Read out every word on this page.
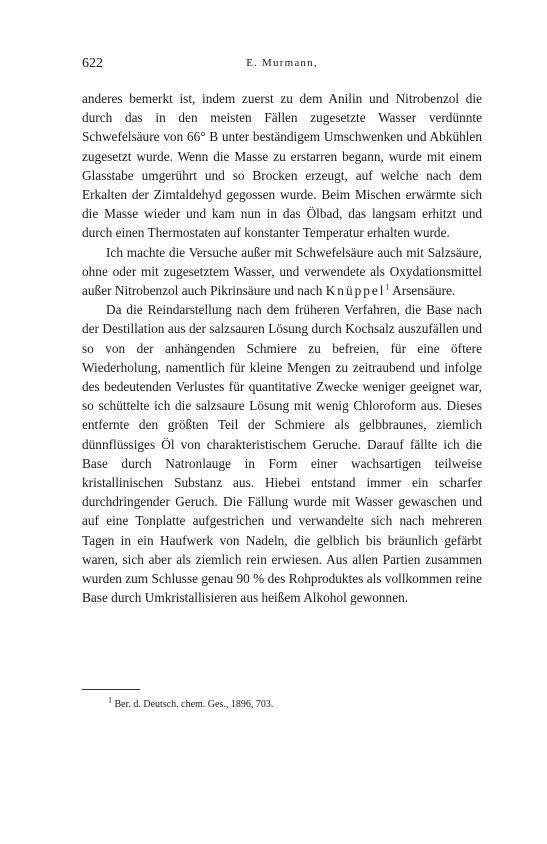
622	E. Murmann,

anderes bemerkt ist, indem zuerst zu dem Anilin und Nitrobenzol die durch das in den meisten Fällen zugesetzte Wasser verdünnte Schwefelsäure von 66° B unter beständigem Umschwenken und Abkühlen zugesetzt wurde. Wenn die Masse zu erstarren begann, wurde mit einem Glasstabe umgerührt und so Brocken erzeugt, auf welche nach dem Erkalten der Zimtaldehyd gegossen wurde. Beim Mischen erwärmte sich die Masse wieder und kam nun in das Ölbad, das langsam erhitzt und durch einen Thermostaten auf konstanter Temperatur erhalten wurde.

Ich machte die Versuche außer mit Schwefelsäure auch mit Salzsäure, ohne oder mit zugesetztem Wasser, und verwendete als Oxydationsmittel außer Nitrobenzol auch Pikrinsäure und nach Knüppel$^1$ Arsensäure.

Da die Reindarstellung nach dem früheren Verfahren, die Base nach der Destillation aus der salzsauren Lösung durch Kochsalz auszufällen und so von der anhängenden Schmiere zu befreien, für eine öftere Wiederholung, namentlich für kleine Mengen zu zeitraubend und infolge des bedeutenden Verlustes für quantitative Zwecke weniger geeignet war, so schüttelte ich die salzsaure Lösung mit wenig Chloroform aus. Dieses entfernte den größten Teil der Schmiere als gelbbraunes, ziemlich dünnflüssiges Öl von charakteristischem Geruche. Darauf fällte ich die Base durch Natronlauge in Form einer wachsartigen teilweise kristallinischen Substanz aus. Hiebei entstand immer ein scharfer durchdringender Geruch. Die Fällung wurde mit Wasser gewaschen und auf eine Tonplatte aufgestrichen und verwandelte sich nach mehreren Tagen in ein Haufwerk von Nadeln, die gelblich bis bräunlich gefärbt waren, sich aber als ziemlich rein erwiesen. Aus allen Partien zusammen wurden zum Schlusse genau 90 % des Rohproduktes als vollkommen reine Base durch Umkristallisieren aus heißem Alkohol gewonnen.

$^1$ Ber. d. Deutsch. chem. Ges., 1896, 703.
